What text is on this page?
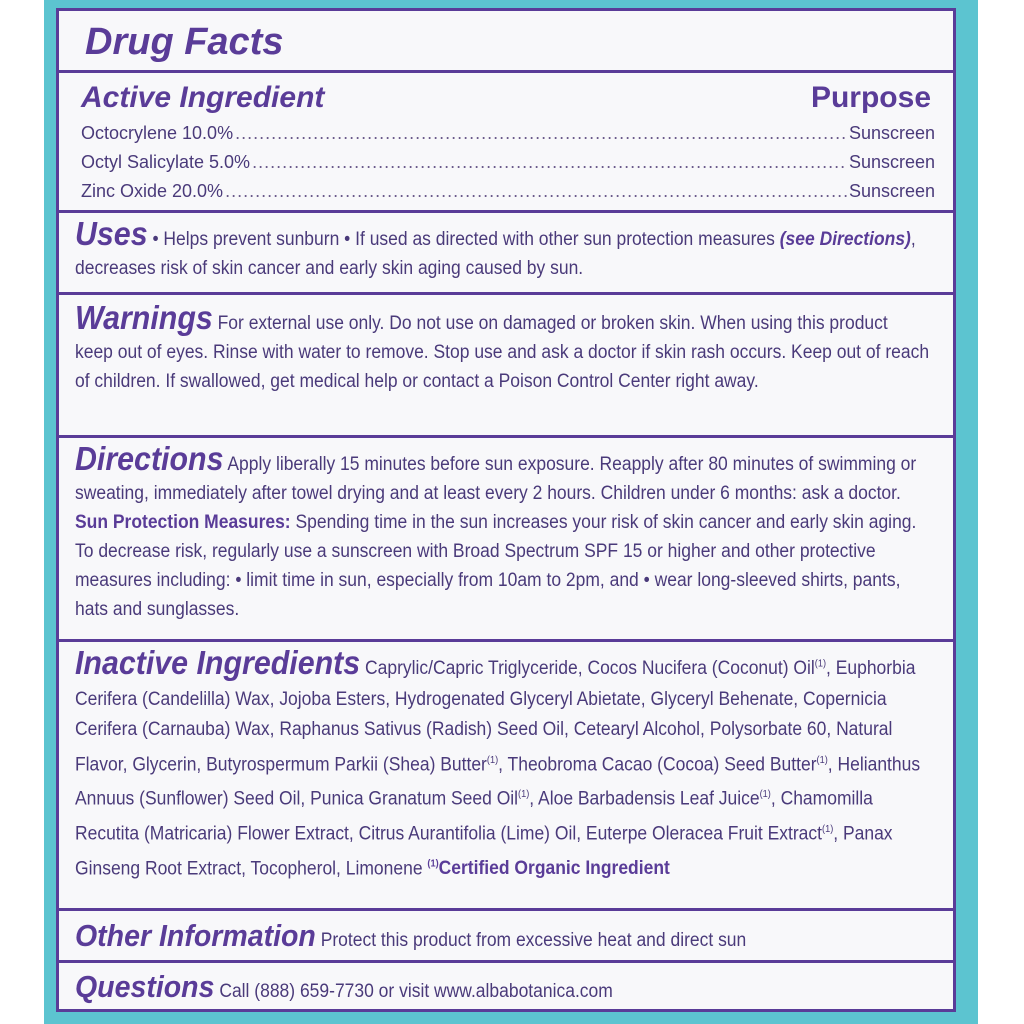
Drug Facts
Active Ingredient	Purpose
Octocrylene 10.0% .....	Sunscreen
Octyl Salicylate 5.0% .....	Sunscreen
Zinc Oxide 20.0% .....	Sunscreen
Uses • Helps prevent sunburn • If used as directed with other sun protection measures (see Directions), decreases risk of skin cancer and early skin aging caused by sun.
Warnings For external use only. Do not use on damaged or broken skin. When using this product keep out of eyes. Rinse with water to remove. Stop use and ask a doctor if skin rash occurs. Keep out of reach of children. If swallowed, get medical help or contact a Poison Control Center right away.
Directions Apply liberally 15 minutes before sun exposure. Reapply after 80 minutes of swimming or sweating, immediately after towel drying and at least every 2 hours. Children under 6 months: ask a doctor. Sun Protection Measures: Spending time in the sun increases your risk of skin cancer and early skin aging. To decrease risk, regularly use a sunscreen with Broad Spectrum SPF 15 or higher and other protective measures including: • limit time in sun, especially from 10am to 2pm, and • wear long-sleeved shirts, pants, hats and sunglasses.
Inactive Ingredients Caprylic/Capric Triglyceride, Cocos Nucifera (Coconut) Oil$^{(1)}$, Euphorbia Cerifera (Candelilla) Wax, Jojoba Esters, Hydrogenated Glyceryl Abietate, Glyceryl Behenate, Copernicia Cerifera (Carnauba) Wax, Raphanus Sativus (Radish) Seed Oil, Cetearyl Alcohol, Polysorbate 60, Natural Flavor, Glycerin, Butyrospermum Parkii (Shea) Butter$^{(1)}$, Theobroma Cacao (Cocoa) Seed Butter$^{(1)}$, Helianthus Annuus (Sunflower) Seed Oil, Punica Granatum Seed Oil$^{(1)}$, Aloe Barbadensis Leaf Juice$^{(1)}$, Chamomilla Recutita (Matricaria) Flower Extract, Citrus Aurantifolia (Lime) Oil, Euterpe Oleracea Fruit Extract$^{(1)}$, Panax Ginseng Root Extract, Tocopherol, Limonene $^{(1)}$Certified Organic Ingredient
Other Information Protect this product from excessive heat and direct sun
Questions Call (888) 659-7730 or visit www.albabotanica.com
